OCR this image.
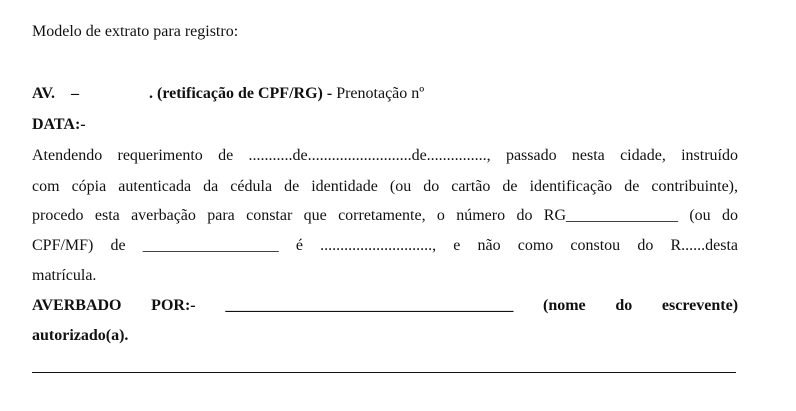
Modelo de extrato para registro:
AV. –	. (retificação de CPF/RG) - Prenotação nº
DATA:-
Atendendo requerimento de ...........de..........................de..............., passado nesta cidade, instruído
com cópia autenticada da cédula de identidade (ou do cartão de identificação de contribuinte),
procedo esta averbação para constar que corretamente, o número do RG______________ (ou do
CPF/MF) de _________________ é ............................, e não como constou do R......desta
matrícula.
AVERBADO POR:- ____________________________________ (nome do escrevente)
autorizado(a).
